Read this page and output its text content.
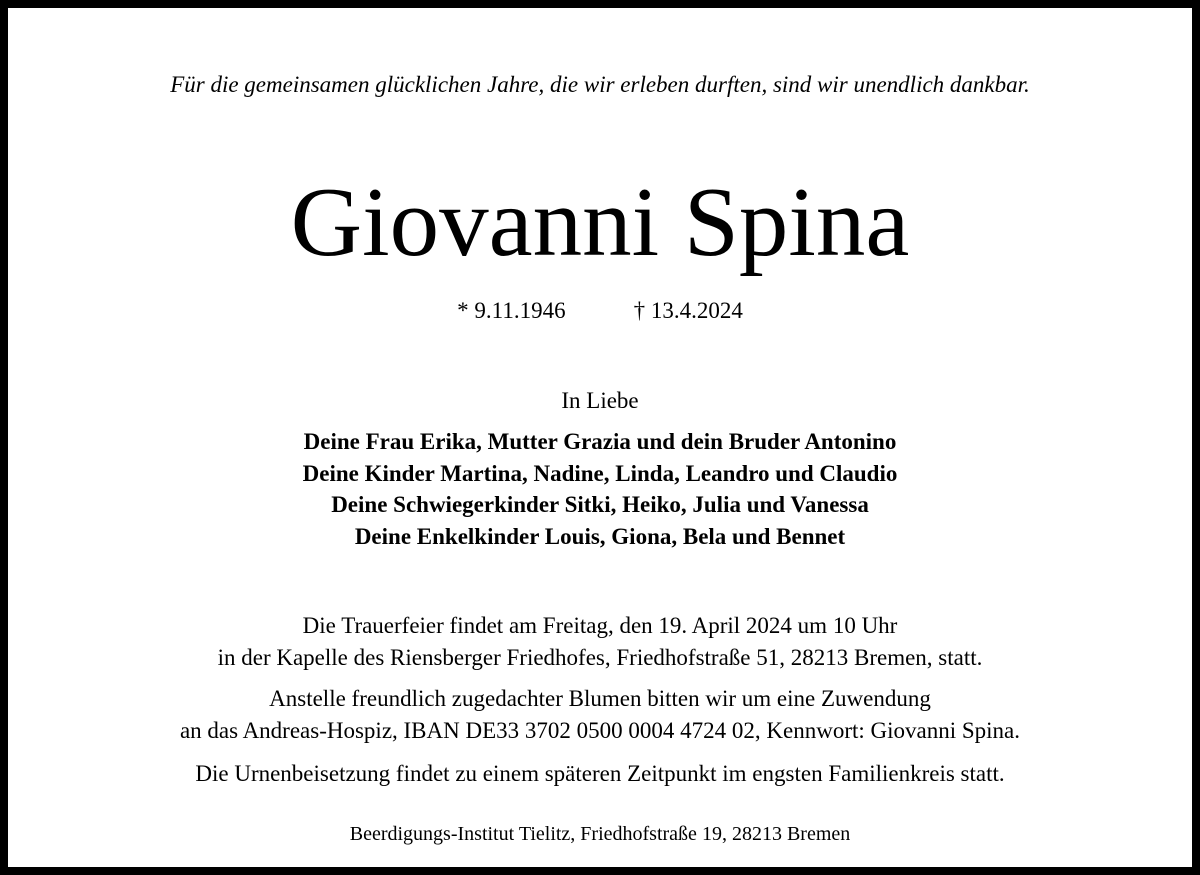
Für die gemeinsamen glücklichen Jahre, die wir erleben durften, sind wir unendlich dankbar.
Giovanni Spina
* 9.11.1946	† 13.4.2024
In Liebe
Deine Frau Erika, Mutter Grazia und dein Bruder Antonino
Deine Kinder Martina, Nadine, Linda, Leandro und Claudio
Deine Schwiegerkinder Sitki, Heiko, Julia und Vanessa
Deine Enkelkinder Louis, Giona, Bela und Bennet
Die Trauerfeier findet am Freitag, den 19. April 2024 um 10 Uhr
in der Kapelle des Riensberger Friedhofes, Friedhofstraße 51, 28213 Bremen, statt.
Anstelle freundlich zugedachter Blumen bitten wir um eine Zuwendung
an das Andreas-Hospiz, IBAN DE33 3702 0500 0004 4724 02, Kennwort: Giovanni Spina.
Die Urnenbeisetzung findet zu einem späteren Zeitpunkt im engsten Familienkreis statt.
Beerdigungs-Institut Tielitz, Friedhofstraße 19, 28213 Bremen
